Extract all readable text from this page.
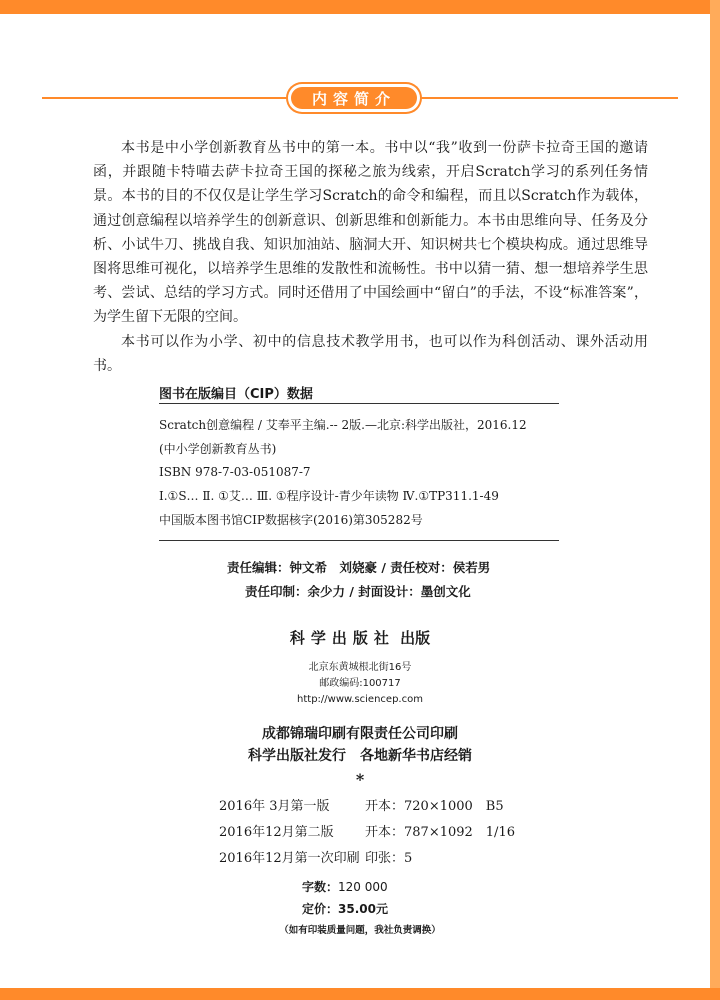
内容简介

本书是中小学创新教育丛书中的第一本。书中以“我”收到一份萨卡拉奇王国的邀请函，并跟随卡特喵去萨卡拉奇王国的探秘之旅为线索，开启Scratch学习的系列任务情景。本书的目的不仅仅是让学生学习Scratch的命令和编程，而且以Scratch作为载体，通过创意编程以培养学生的创新意识、创新思维和创新能力。本书由思维向导、任务及分析、小试牛刀、挑战自我、知识加油站、脑洞大开、知识树共七个模块构成。通过思维导图将思维可视化，以培养学生思维的发散性和流畅性。书中以猜一猜、想一想培养学生思考、尝试、总结的学习方式。同时还借用了中国绘画中“留白”的手法，不设“标准答案”，为学生留下无限的空间。

本书可以作为小学、初中的信息技术教学用书，也可以作为科创活动、课外活动用书。

图书在版编目（CIP）数据
Scratch创意编程 / 艾奉平主编.-- 2版.—北京:科学出版社，2016.12
(中小学创新教育丛书)
ISBN 978-7-03-051087-7
Ⅰ.①S… Ⅱ. ①艾… Ⅲ. ①程序设计-青少年读物 Ⅳ.①TP311.1-49
中国版本图书馆CIP数据核字(2016)第305282号
责任编辑：钟文希　刘娆豪 / 责任校对：侯若男
责任印制：余少力 / 封面设计：墨创文化
科学出版社 出版
北京东黄城根北街16号
邮政编码:100717
http://www.sciencep.com
成都锦瑞印刷有限责任公司印刷
科学出版社发行　各地新华书店经销
*
2016年 3月第一版	开本：720×1000　B5
2016年12月第二版	开本：787×1092　1/16
2016年12月第一次印刷 印张：5
字数：120 000
定价：35.00元
（如有印装质量问题，我社负责调换）
